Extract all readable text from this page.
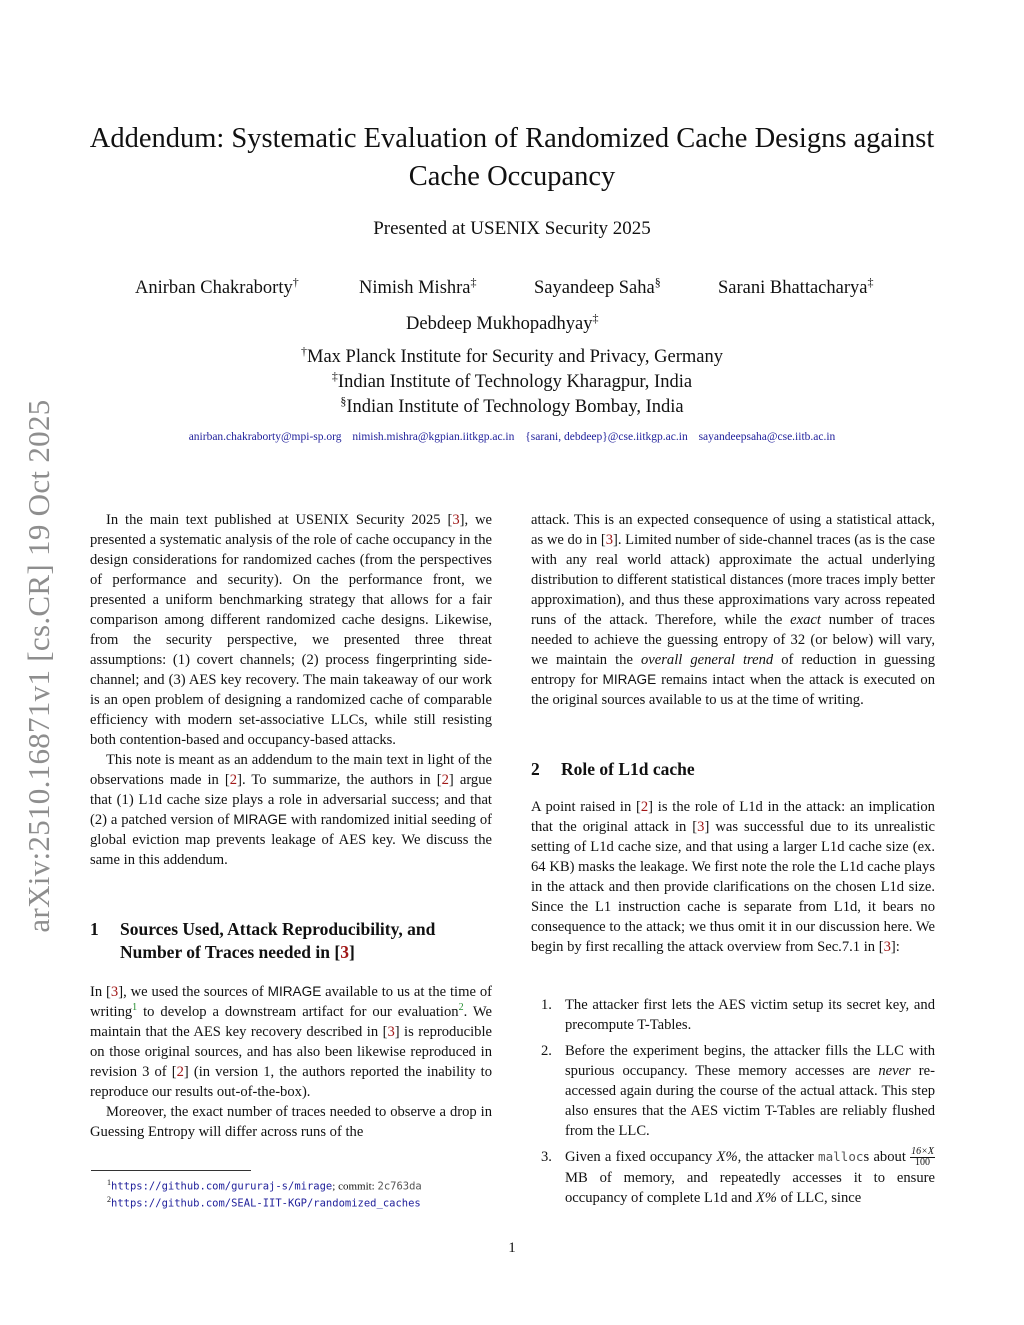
arXiv:2510.16871v1 [cs.CR] 19 Oct 2025
Addendum: Systematic Evaluation of Randomized Cache Designs against Cache Occupancy
Presented at USENIX Security 2025
Anirban Chakraborty†	Nimish Mishra‡	Sayandeep Saha§	Sarani Bhattacharya‡
Debdeep Mukhopadhyay‡
†Max Planck Institute for Security and Privacy, Germany
‡Indian Institute of Technology Kharagpur, India
§Indian Institute of Technology Bombay, India
anirban.chakraborty@mpi-sp.org nimish.mishra@kgpian.iitkgp.ac.in {sarani, debdeep}@cse.iitkgp.ac.in sayandeepsaha@cse.iitb.ac.in

In the main text published at USENIX Security 2025 [3], we presented a systematic analysis of the role of cache occupancy in the design considerations for randomized caches (from the perspectives of performance and security). On the performance front, we presented a uniform benchmarking strategy that allows for a fair comparison among different randomized cache designs. Likewise, from the security perspective, we presented three threat assumptions: (1) covert channels; (2) process fingerprinting side-channel; and (3) AES key recovery. The main takeaway of our work is an open problem of designing a randomized cache of comparable efficiency with modern set-associative LLCs, while still resisting both contention-based and occupancy-based attacks.

This note is meant as an addendum to the main text in light of the observations made in [2]. To summarize, the authors in [2] argue that (1) L1d cache size plays a role in adversarial success; and that (2) a patched version of MIRAGE with randomized initial seeding of global eviction map prevents leakage of AES key. We discuss the same in this addendum.

1	Sources Used, Attack Reproducibility, and Number of Traces needed in [3]

In [3], we used the sources of MIRAGE available to us at the time of writing$^1$ to develop a downstream artifact for our evaluation$^2$. We maintain that the AES key recovery described in [3] is reproducible on those original sources, and has also been likewise reproduced in revision 3 of [2] (in version 1, the authors reported the inability to reproduce our results out-of-the-box).

Moreover, the exact number of traces needed to observe a drop in Guessing Entropy will differ across runs of the

$^1$https://github.com/gururaj-s/mirage; commit: 2c763da
$^2$https://github.com/SEAL-IIT-KGP/randomized_caches

attack. This is an expected consequence of using a statistical attack, as we do in [3]. Limited number of side-channel traces (as is the case with any real world attack) approximate the actual underlying distribution to different statistical distances (more traces imply better approximation), and thus these approximations vary across repeated runs of the attack. Therefore, while the exact number of traces needed to achieve the guessing entropy of 32 (or below) will vary, we maintain the overall general trend of reduction in guessing entropy for MIRAGE remains intact when the attack is executed on the original sources available to us at the time of writing.

2 Role of L1d cache

A point raised in [2] is the role of L1d in the attack: an implication that the original attack in [3] was successful due to its unrealistic setting of L1d cache size, and that using a larger L1d cache size (ex. 64 KB) masks the leakage. We first note the role the L1d cache plays in the attack and then provide clarifications on the chosen L1d size. Since the L1 instruction cache is separate from L1d, it bears no consequence to the attack; we thus omit it in our discussion here. We begin by first recalling the attack overview from Sec.7.1 in [3]:

1. The attacker first lets the AES victim setup its secret key, and precompute T-Tables.
2. Before the experiment begins, the attacker fills the LLC with spurious occupancy. These memory accesses are never re-accessed again during the course of the actual attack. This step also ensures that the AES victim T-Tables are reliably flushed from the LLC.
3. Given a fixed occupancy X%, the attacker mallocs about $\frac{16\times X}{100}$
MB of memory, and repeatedly accesses it to ensure occupancy of complete L1d and X% of LLC, since
1
